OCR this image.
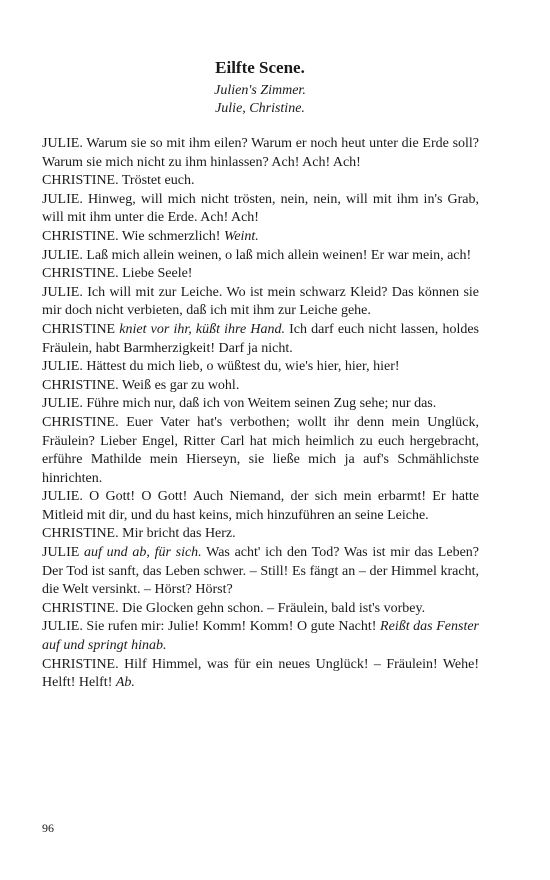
Eilfte Scene.
Julien's Zimmer.
Julie, Christine.
JULIE. Warum sie so mit ihm eilen? Warum er noch heut unter die Erde soll? Warum sie mich nicht zu ihm hinlassen? Ach! Ach! Ach!
CHRISTINE. Tröstet euch.
JULIE. Hinweg, will mich nicht trösten, nein, nein, will mit ihm in's Grab, will mit ihm unter die Erde. Ach! Ach!
CHRISTINE. Wie schmerzlich! Weint.
JULIE. Laß mich allein weinen, o laß mich allein weinen! Er war mein, ach!
CHRISTINE. Liebe Seele!
JULIE. Ich will mit zur Leiche. Wo ist mein schwarz Kleid? Das können sie mir doch nicht verbieten, daß ich mit ihm zur Leiche gehe.
CHRISTINE kniet vor ihr, küßt ihre Hand. Ich darf euch nicht lassen, holdes Fräulein, habt Barmherzigkeit! Darf ja nicht.
JULIE. Hättest du mich lieb, o wüßtest du, wie's hier, hier, hier!
CHRISTINE. Weiß es gar zu wohl.
JULIE. Führe mich nur, daß ich von Weitem seinen Zug sehe; nur das.
CHRISTINE. Euer Vater hat's verbothen; wollt ihr denn mein Unglück, Fräulein? Lieber Engel, Ritter Carl hat mich heimlich zu euch hergebracht, erführe Mathilde mein Hierseyn, sie ließe mich ja auf's Schmählichste hinrichten.
JULIE. O Gott! O Gott! Auch Niemand, der sich mein erbarmt! Er hatte Mitleid mit dir, und du hast keins, mich hinzuführen an seine Leiche.
CHRISTINE. Mir bricht das Herz.
JULIE auf und ab, für sich. Was acht' ich den Tod? Was ist mir das Leben? Der Tod ist sanft, das Leben schwer. – Still! Es fängt an – der Himmel kracht, die Welt versinkt. – Hörst? Hörst?
CHRISTINE. Die Glocken gehn schon. – Fräulein, bald ist's vorbey.
JULIE. Sie rufen mir: Julie! Komm! Komm! O gute Nacht! Reißt das Fenster auf und springt hinab.
CHRISTINE. Hilf Himmel, was für ein neues Unglück! – Fräulein! Wehe! Helft! Helft! Ab.
96
